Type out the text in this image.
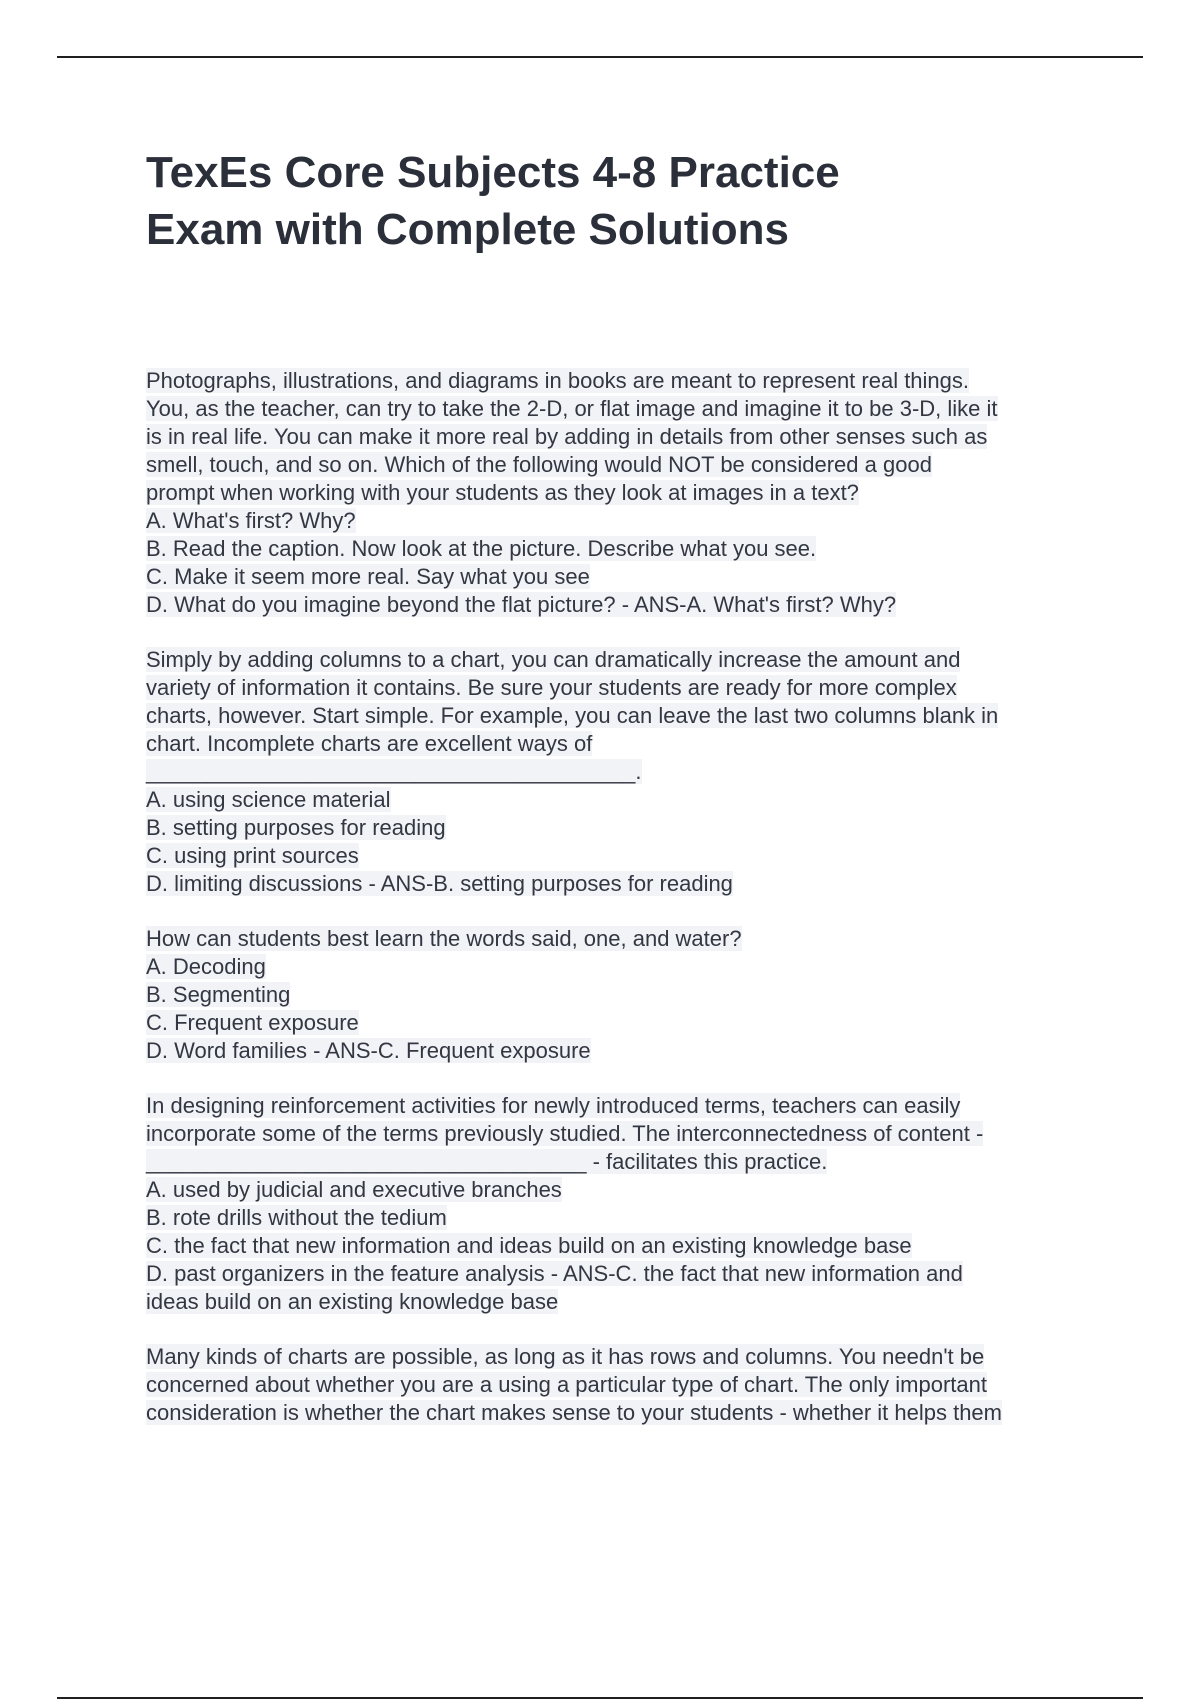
TexEs Core Subjects 4-8 Practice
Exam with Complete Solutions
Photographs, illustrations, and diagrams in books are meant to represent real things.
You, as the teacher, can try to take the 2-D, or flat image and imagine it to be 3-D, like it
is in real life. You can make it more real by adding in details from other senses such as
smell, touch, and so on. Which of the following would NOT be considered a good
prompt when working with your students as they look at images in a text?
A. What's first? Why?
B. Read the caption. Now look at the picture. Describe what you see.
C. Make it seem more real. Say what you see
D. What do you imagine beyond the flat picture? - ANS-A. What's first? Why?
Simply by adding columns to a chart, you can dramatically increase the amount and
variety of information it contains. Be sure your students are ready for more complex
charts, however. Start simple. For example, you can leave the last two columns blank in
chart. Incomplete charts are excellent ways of
________________________________________.
A. using science material
B. setting purposes for reading
C. using print sources
D. limiting discussions - ANS-B. setting purposes for reading
How can students best learn the words said, one, and water?
A. Decoding
B. Segmenting
C. Frequent exposure
D. Word families - ANS-C. Frequent exposure
In designing reinforcement activities for newly introduced terms, teachers can easily
incorporate some of the terms previously studied. The interconnectedness of content -
____________________________________ - facilitates this practice.
A. used by judicial and executive branches
B. rote drills without the tedium
C. the fact that new information and ideas build on an existing knowledge base
D. past organizers in the feature analysis - ANS-C. the fact that new information and
ideas build on an existing knowledge base
Many kinds of charts are possible, as long as it has rows and columns. You needn't be
concerned about whether you are a using a particular type of chart. The only important
consideration is whether the chart makes sense to your students - whether it helps them
